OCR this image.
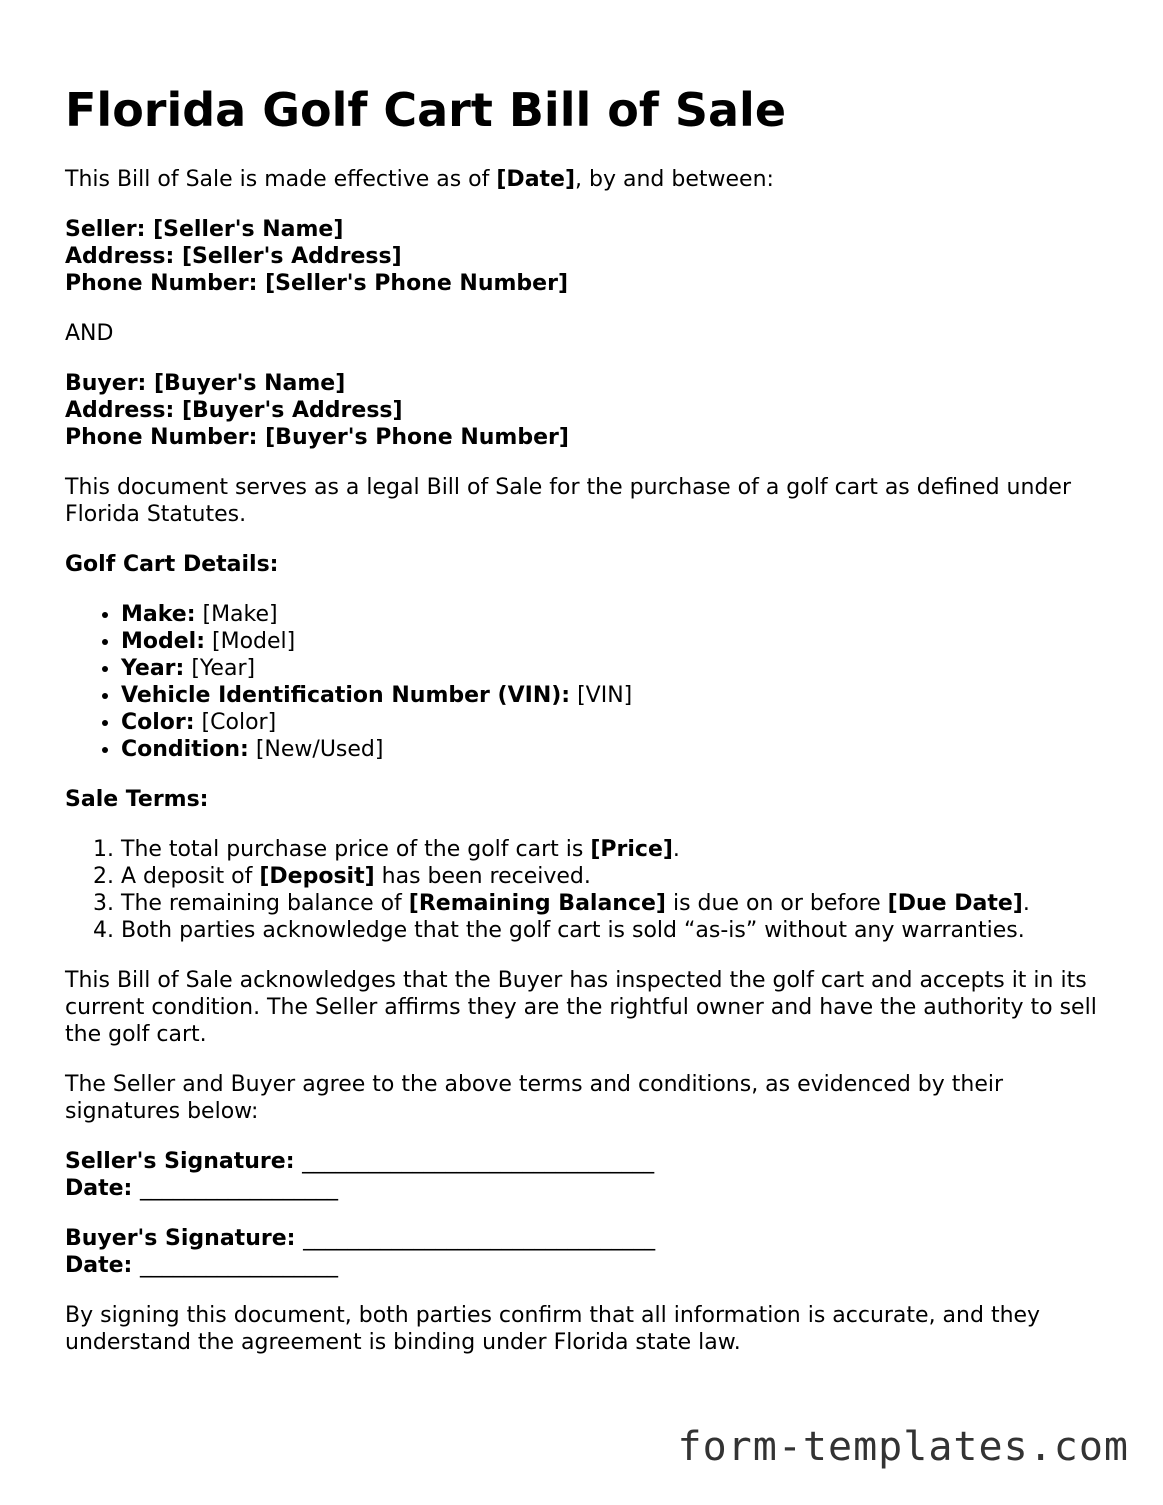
Florida Golf Cart Bill of Sale

This Bill of Sale is made effective as of [Date], by and between:

Seller: [Seller's Name]
Address: [Seller's Address]
Phone Number: [Seller's Phone Number]

AND

Buyer: [Buyer's Name]
Address: [Buyer's Address]
Phone Number: [Buyer's Phone Number]

This document serves as a legal Bill of Sale for the purchase of a golf cart as defined under Florida Statutes.

Golf Cart Details:

• Make: [Make]
• Model: [Model]
• Year: [Year]
• Vehicle Identification Number (VIN): [VIN]
• Color: [Color]
• Condition: [New/Used]

Sale Terms:

1. The total purchase price of the golf cart is [Price].
2. A deposit of [Deposit] has been received.
3. The remaining balance of [Remaining Balance] is due on or before [Due Date].
4. Both parties acknowledge that the golf cart is sold “as-is” without any warranties.

This Bill of Sale acknowledges that the Buyer has inspected the golf cart and accepts it in its current condition. The Seller affirms they are the rightful owner and have the authority to sell the golf cart.

The Seller and Buyer agree to the above terms and conditions, as evidenced by their signatures below:

Seller's Signature: ________________________________
Date: __________________
Buyer's Signature: ________________________________
Date: __________________

By signing this document, both parties confirm that all information is accurate, and they understand the agreement is binding under Florida state law.

form-templates.com
